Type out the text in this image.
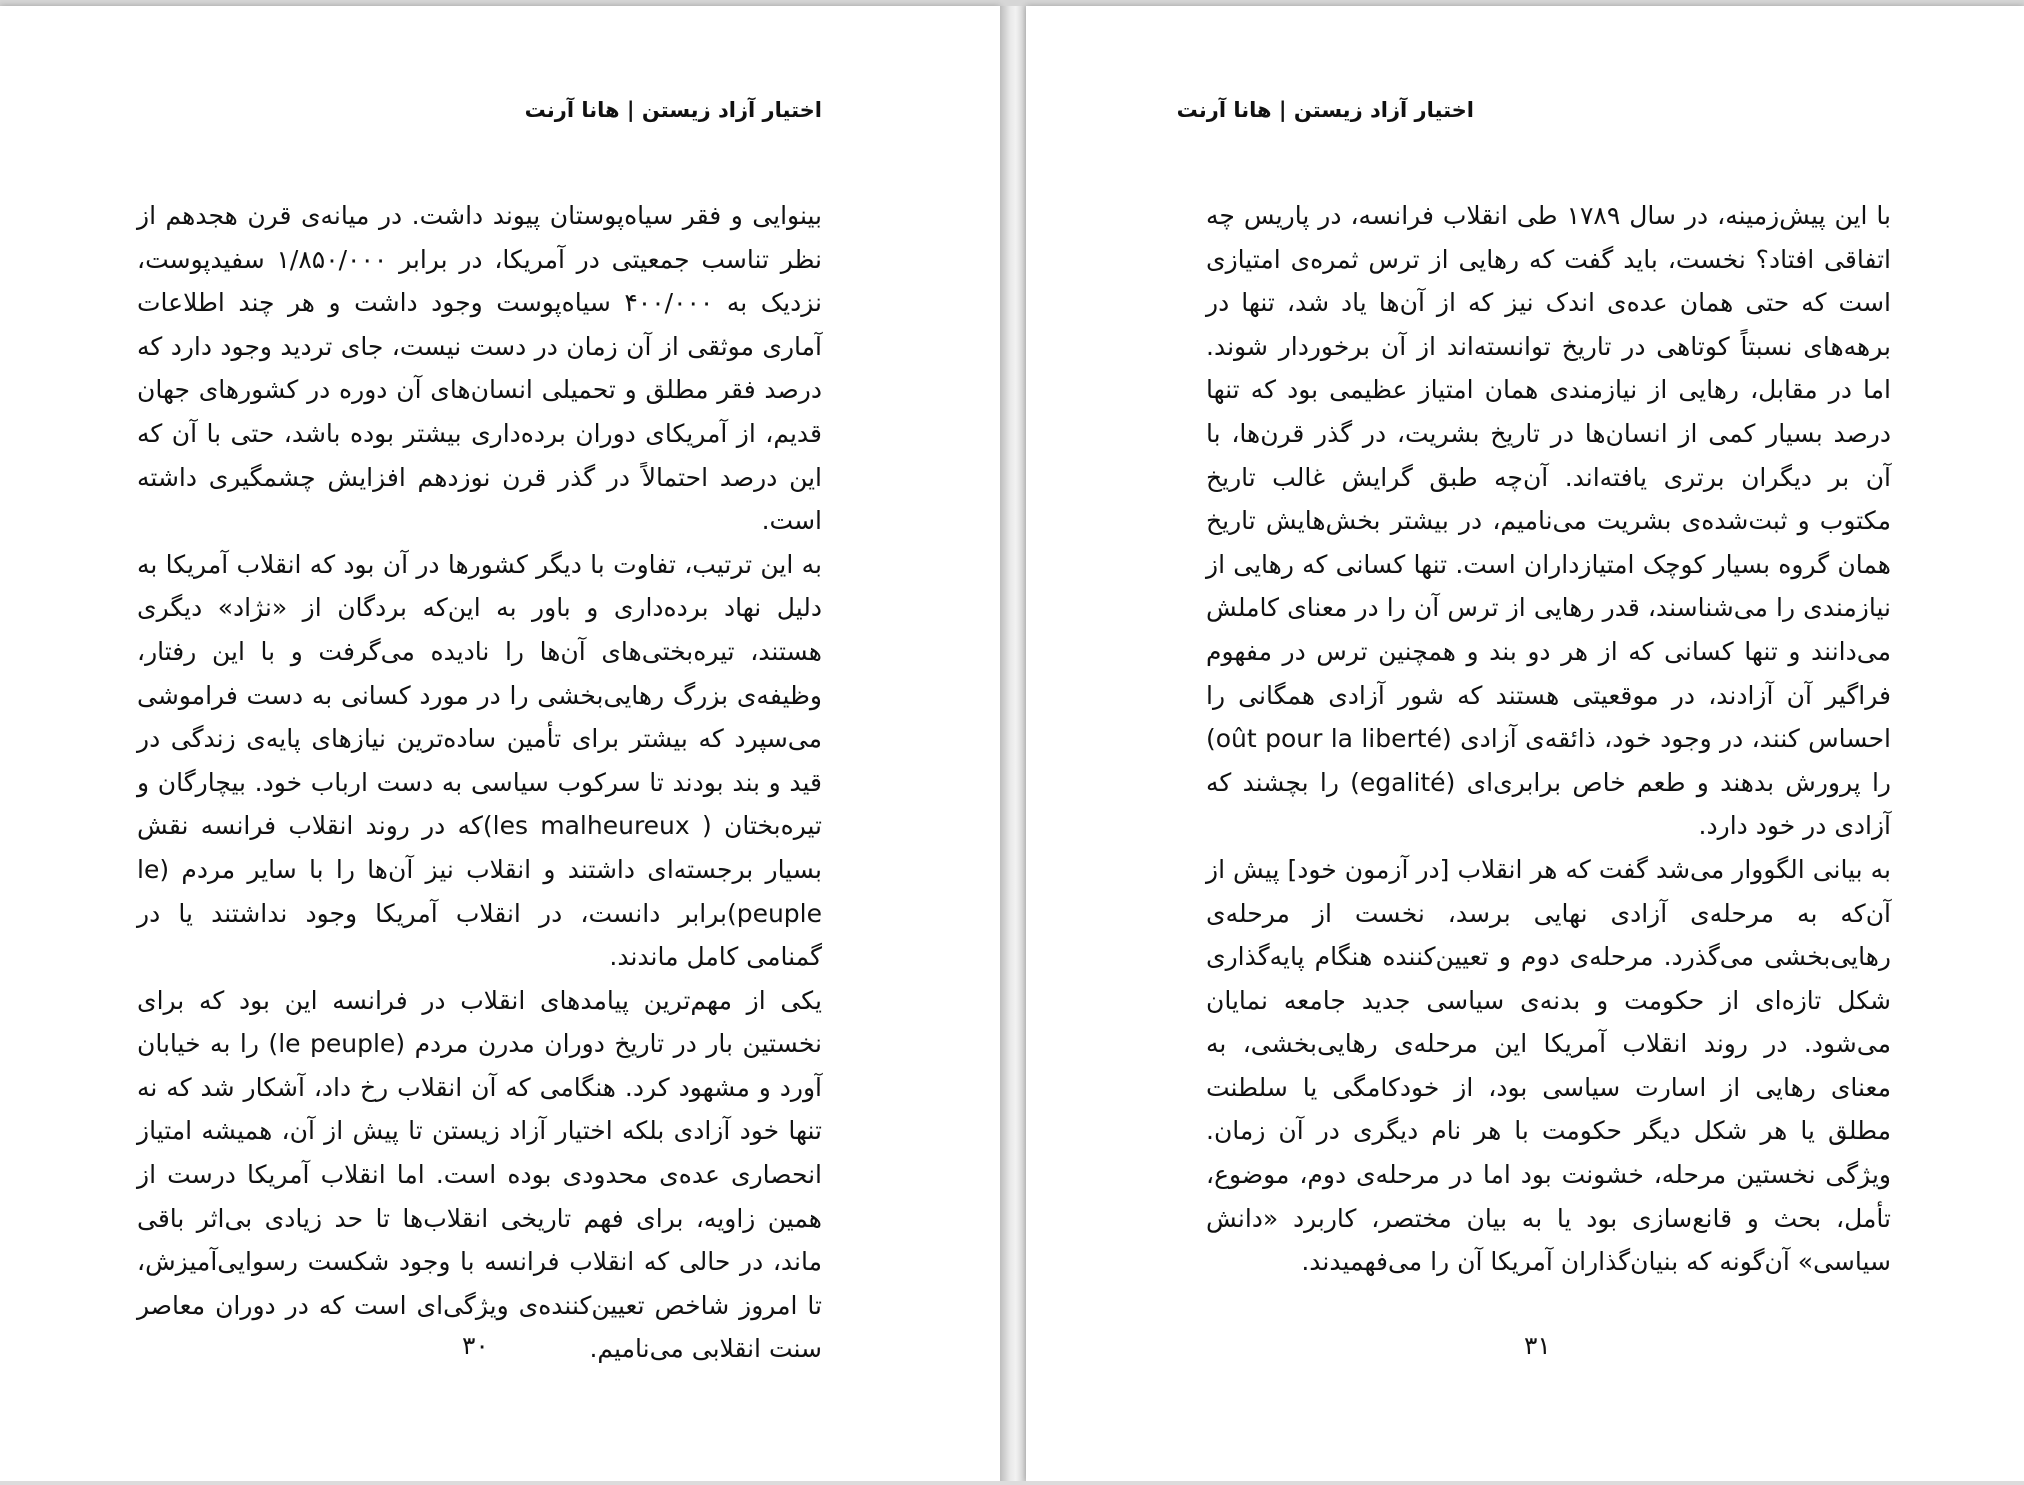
اختیار آزاد زیستن | هانا آرنت

بینوایی و فقر سیاه‌پوستان پیوند داشت. در میانه‌ی قرن هجدهم از نظر تناسب جمعیتی در آمریکا، در برابر ۱/۸۵۰/۰۰۰ سفیدپوست، نزدیک به ۴۰۰/۰۰۰ سیاه‌پوست وجود داشت و هر چند اطلاعات آماری موثقی از آن زمان در دست نیست، جای تردید وجود دارد که درصد فقر مطلق و تحمیلی انسان‌های آن دوره در کشورهای جهان قدیم، از آمریکای دوران برده‌داری بیشتر بوده باشد، حتی با آن که این درصد احتمالاً در گذر قرن نوزدهم افزایش چشمگیری داشته است.

به این ترتیب، تفاوت با دیگر کشورها در آن بود که انقلاب آمریکا به دلیل نهاد برده‌داری و باور به این‌که بردگان از «نژاد» دیگری هستند، تیره‌بختی‌های آن‌ها را نادیده می‌گرفت و با این رفتار، وظیفه‌ی بزرگ رهایی‌بخشی را در مورد کسانی به دست فراموشی می‌سپرد که بیشتر برای تأمین ساده‌ترین نیازهای پایه‌ی زندگی در قید و بند بودند تا سرکوب سیاسی به دست ارباب خود. بیچارگان و تیره‌بختان ( les malheureux)که در روند انقلاب فرانسه نقش بسیار برجسته‌ای داشتند و انقلاب نیز آن‌ها را با سایر مردم (le peuple)برابر دانست، در انقلاب آمریکا وجود نداشتند یا در گمنامی کامل ماندند.

یکی از مهم‌ترین پیامدهای انقلاب در فرانسه این بود که برای نخستین بار در تاریخ دوران مدرن مردم (le peuple) را به خیابان آورد و مشهود کرد. هنگامی که آن انقلاب رخ داد، آشکار شد که نه تنها خود آزادی بلکه اختیار آزاد زیستن تا پیش از آن، همیشه امتیاز انحصاری عده‌ی محدودی بوده است. اما انقلاب آمریکا درست از همین زاویه، برای فهم تاریخی انقلاب‌ها تا حد زیادی بی‌اثر باقی ماند، در حالی که انقلاب فرانسه با وجود شکست رسوایی‌آمیزش، تا امروز شاخص تعیین‌کننده‌ی ویژگی‌ای است که در دوران معاصر سنت انقلابی می‌نامیم.

۳۰
اختیار آزاد زیستن | هانا آرنت

با این پیش‌زمینه، در سال ۱۷۸۹ طی انقلاب فرانسه، در پاریس چه اتفاقی افتاد؟ نخست، باید گفت که رهایی از ترس ثمره‌ی امتیازی است که حتی همان عده‌ی اندک نیز که از آن‌ها یاد شد، تنها در برهه‌های نسبتاً کوتاهی در تاریخ توانسته‌اند از آن برخوردار شوند. اما در مقابل، رهایی از نیازمندی همان امتیاز عظیمی بود که تنها درصد بسیار کمی از انسان‌ها در تاریخ بشریت، در گذر قرن‌ها، با آن بر دیگران برتری یافته‌اند. آن‌چه طبق گرایش غالب تاریخ مکتوب و ثبت‌شده‌ی بشریت می‌نامیم، در بیشتر بخش‌هایش تاریخ همان گروه بسیار کوچک امتیازداران است. تنها کسانی که رهایی از نیازمندی را می‌شناسند، قدر رهایی از ترس آن را در معنای کاملش می‌دانند و تنها کسانی که از هر دو بند و همچنین ترس در مفهوم فراگیر آن آزادند، در موقعیتی هستند که شور آزادی همگانی را احساس کنند، در وجود خود، ذائقه‌ی آزادی (oût pour la liberté) را پرورش بدهند و طعم خاص برابری‌ای (egalité) را بچشند که آزادی در خود دارد.

به بیانی الگووار می‌شد گفت که هر انقلاب [در آزمون خود] پیش از آن‌که به مرحله‌ی آزادی نهایی برسد، نخست از مرحله‌ی رهایی‌بخشی می‌گذرد. مرحله‌ی دوم و تعیین‌کننده هنگام پایه‌گذاری شکل تازه‌ای از حکومت و بدنه‌ی سیاسی جدید جامعه نمایان می‌شود. در روند انقلاب آمریکا این مرحله‌ی رهایی‌بخشی، به معنای رهایی از اسارت سیاسی بود، از خودکامگی یا سلطنت مطلق یا هر شکل دیگر حکومت با هر نام دیگری در آن زمان. ویژگی نخستین مرحله، خشونت بود اما در مرحله‌ی دوم، موضوع، تأمل، بحث و قانع‌سازی بود یا به بیان مختصر، کاربرد «دانش سیاسی» آن‌گونه که بنیان‌گذاران آمریکا آن را می‌فهمیدند.

۳۱
